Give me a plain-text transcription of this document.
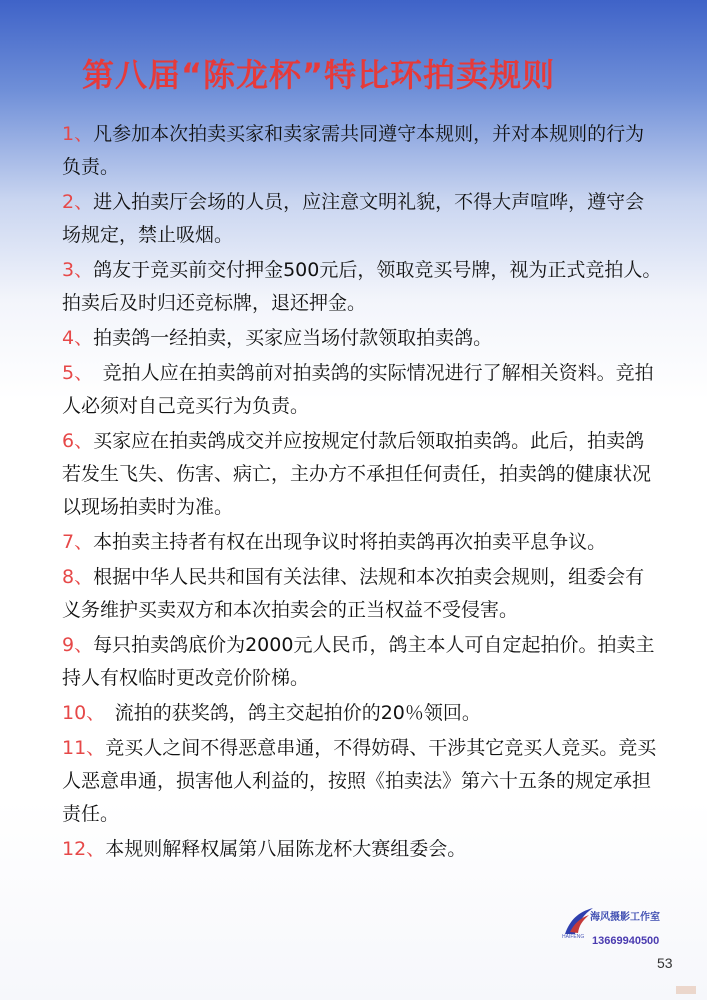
第八届“陈龙杯”特比环拍卖规则
1、凡参加本次拍卖买家和卖家需共同遵守本规则，并对本规则的行为负责。
2、进入拍卖厅会场的人员，应注意文明礼貌，不得大声喧哗，遵守会场规定，禁止吸烟。
3、鸽友于竞买前交付押金500元后，领取竞买号牌，视为正式竞拍人。拍卖后及时归还竞标牌，退还押金。
4、拍卖鸽一经拍卖，买家应当场付款领取拍卖鸽。
5、　竞拍人应在拍卖鸽前对拍卖鸽的实际情况进行了解相关资料。竞拍人必须对自己竞买行为负责。
6、买家应在拍卖鸽成交并应按规定付款后领取拍卖鸽。此后，拍卖鸽若发生飞失、伤害、病亡，主办方不承担任何责任，拍卖鸽的健康状况以现场拍卖时为准。
7、本拍卖主持者有权在出现争议时将拍卖鸽再次拍卖平息争议。
8、根据中华人民共和国有关法律、法规和本次拍卖会规则，组委会有义务维护买卖双方和本次拍卖会的正当权益不受侵害。
9、每只拍卖鸽底价为2000元人民币，鸽主本人可自定起拍价。拍卖主持人有权临时更改竞价阶梯。
10、　流拍的获奖鸽，鸽主交起拍价的20％领回。
11、竞买人之间不得恶意串通，不得妨碍、干涉其它竞买人竞买。竞买人恶意串通，损害他人利益的，按照《拍卖法》第六十五条的规定承担责任。
12、本规则解释权属第八届陈龙杯大赛组委会。
海风摄影工作室
HAIFENG 13669940500
53
